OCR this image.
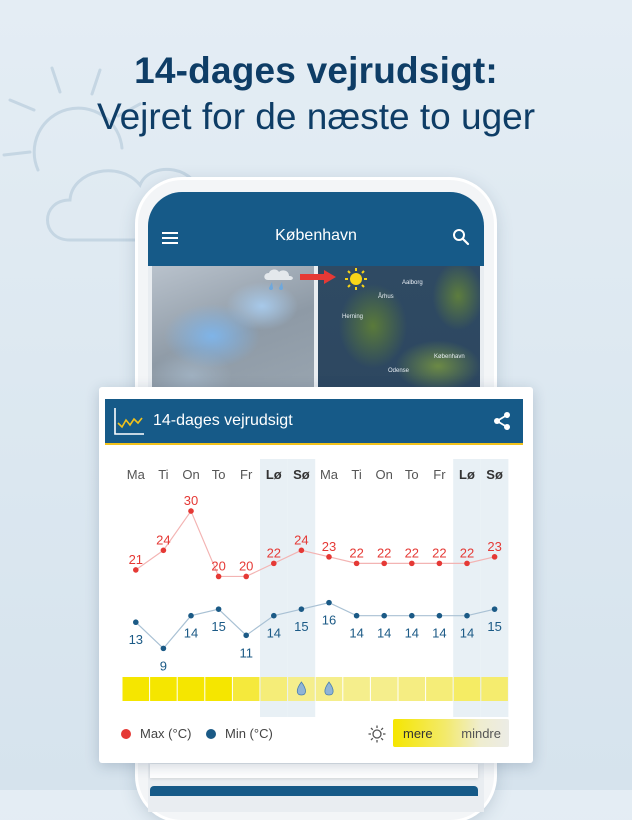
14-dages vejrudsigt:
Vejret for de næste to uger
København
Aalborg
Århus
Herning
Odense
København
14-dages vejrudsigt
Ma Ti On To Fr Lø Sø Ma Ti On To Fr Lø Sø
21
24
30
20 20
22
24 23 22 22 22 22 22 23
13
9
14 15
11
14 15 16
14 14 14 14 14 15
Max (°C)	Min (°C)	mere mindre
